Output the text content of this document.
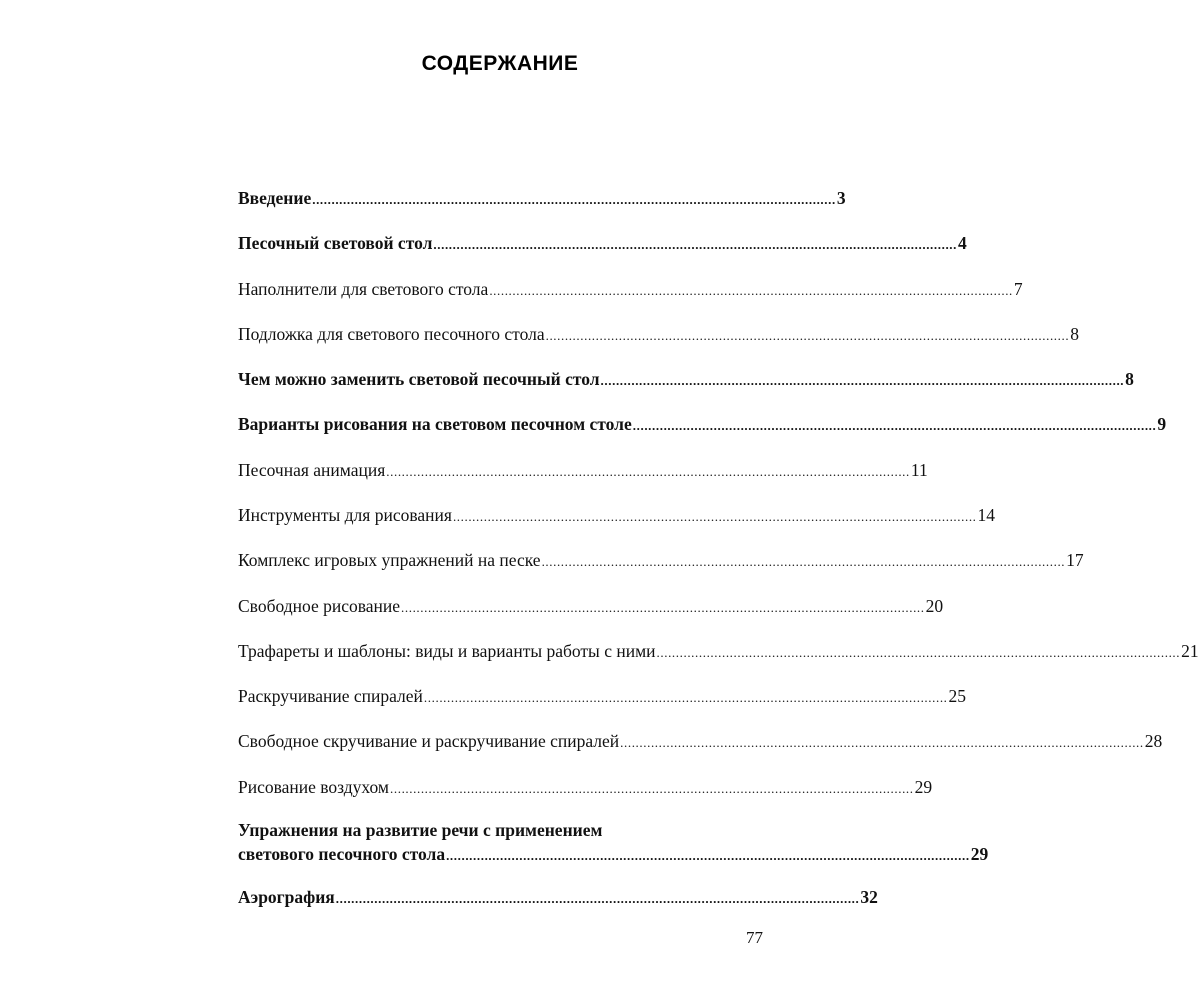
СОДЕРЖАНИЕ
Введение ........................................................................................................................................ 3
Песочный световой стол ........................................................................................................................................ 4
Наполнители для светового стола ........................................................................................................................................ 7
Подложка для светового песочного стола ........................................................................................................................................ 8
Чем можно заменить световой песочный стол ........................................................................................................................................ 8
Варианты рисования на световом песочном столе ........................................................................................................................................ 9
Песочная анимация ........................................................................................................................................ 11
Инструменты для рисования ........................................................................................................................................ 14
Комплекс игровых упражнений на песке ........................................................................................................................................ 17
Свободное рисование ........................................................................................................................................ 20
Трафареты и шаблоны: виды и варианты работы с ними ........................................................................................................................................ 21
Раскручивание спиралей ........................................................................................................................................ 25
Свободное скручивание и раскручивание спиралей ........................................................................................................................................ 28
Рисование воздухом ........................................................................................................................................ 29
Упражнения на развитие речи с применением
светового песочного стола ........................................................................................................................................ 29
Аэрография ........................................................................................................................................ 32
77
